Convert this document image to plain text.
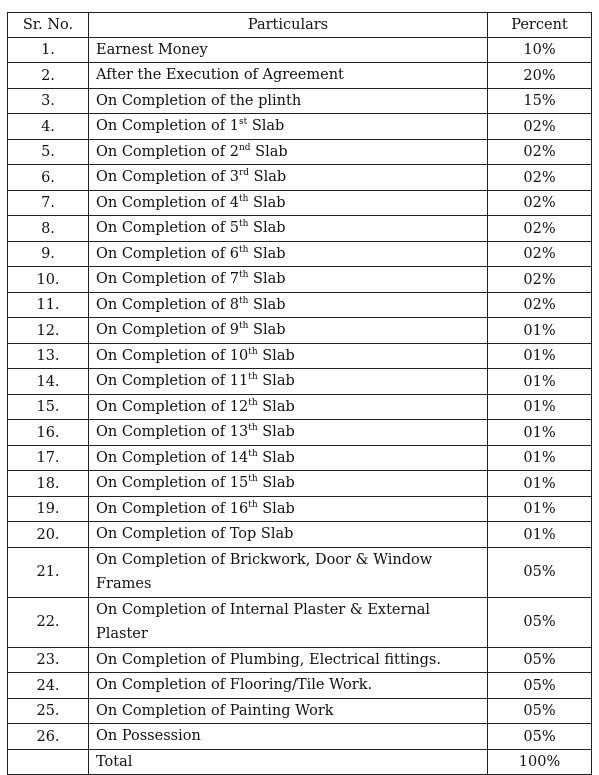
Sr. No.	Particulars	Percent
1.	Earnest Money	10%
2.	After the Execution of Agreement	20%
3.	On Completion of the plinth	15%
4.	On Completion of 1st Slab	02%
5.	On Completion of 2nd Slab	02%
6.	On Completion of 3rd Slab	02%
7.	On Completion of 4th Slab	02%
8.	On Completion of 5th Slab	02%
9.	On Completion of 6th Slab	02%
10.	On Completion of 7th Slab	02%
11.	On Completion of 8th Slab	02%
12.	On Completion of 9th Slab	01%
13.	On Completion of 10th Slab	01%
14.	On Completion of 11th Slab	01%
15.	On Completion of 12th Slab	01%
16.	On Completion of 13th Slab	01%
17.	On Completion of 14th Slab	01%
18.	On Completion of 15th Slab	01%
19.	On Completion of 16th Slab	01%
20.	On Completion of Top Slab	01%
21.	On Completion of Brickwork, Door & Window Frames	05%
22.	On Completion of Internal Plaster & External Plaster	05%
23.	On Completion of Plumbing, Electrical fittings.	05%
24.	On Completion of Flooring/Tile Work.	05%
25.	On Completion of Painting Work	05%
26.	On Possession	05%
	Total	100%
